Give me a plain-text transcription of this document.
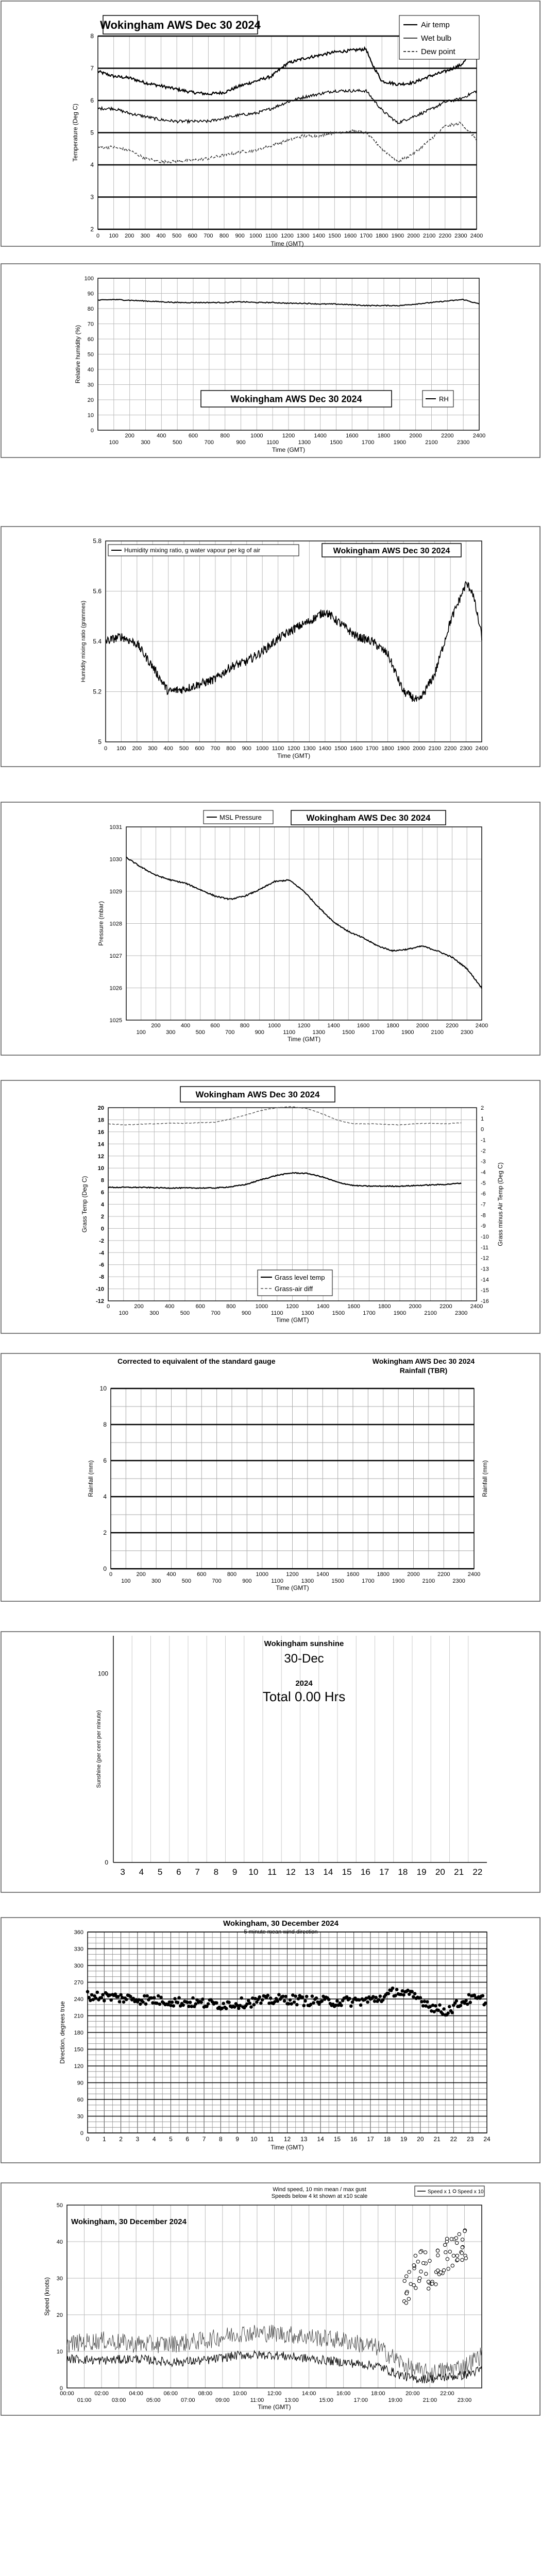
0 100 200 300 400 500 600 700 800 900 1000 1100 1200 1300 1400 1500 1600 1700 1800 1900 2000 2100 2200 2300 2400
2
3
4
5
6
7
8
Wokingham AWS Dec 30 2024	Air temp
Wet bulb
Dew point
Temperature (Deg C)
Time (GMT)
0
10
20
30
40
50
60
70
80
90
100
200	400	600	800	1000	1200	1400	1600	1800	2000	2200	2400
100	300	500	700	900	1100	1300	1500	1700	1900	2100	2300
Wokingham AWS Dec 30 2024	RH
Relative humidity (%)
Time (GMT)
0 100 200 300 400 500 600 700 800 900 1000 1100 1200 1300 1400 1500 1600 1700 1800 1900 2000 2100 2200 2300 2400
5
5.2
5.4
5.6
5.8
Humidity mixing ratio, g water vapour per kg of air	Wokingham AWS Dec 30 2024
Humidity mixing ratio (grammes)
Time (GMT)
1025
1026
1027
1028
1029
1030
1031
200	400	600	800	1000	1200	1400	1600	1800	2000	2200	2400
100	300	500	700	900	1100	1300	1500	1700	1900	2100	2300
MSL Pressure	Wokingham AWS Dec 30 2024
Pressure (mbar)
Time (GMT)
-12
-10
-8
-6
-4
-2
0
2
4
6
8
10
12
14
16
18
20
-16
-15
-14
-13
-12
-11
-10
-9
-8
-7
-6
-5
-4
-3
-2
-1
0
1
2
0	200	400	600	800	1000	1200	1400	1600	1800	2000	2200	2400
100	300	500	700	900	1100	1300	1500	1700	1900	2100	2300
Wokingham AWS Dec 30 2024
Grass level temp
Grass-air diff
Grass Temp (Deg C)	Grass minus Air Temp (Deg C)
Time (GMT)
0
2
4
6
8
10
0	200	400	600	800	1000	1200	1400	1600	1800	2000	2200	2400
100	300	500	700	900	1100	1300	1500	1700	1900	2100	2300
Corrected to equivalent of the standard gauge	Wokingham AWS Dec 30 2024
Rainfall (TBR)
Rainfall (mm)	Rainfall (mm)
Time (GMT)
0
100
3 4 5 6 7 8 9 10 11 12 13 14 15 16 17 18 19 20 21 22
Wokingham sunshine
30-Dec
2024
Total 0.00 Hrs
Sunshine (per cent per minute)
0
30
60
90
120
150
180
210
240
270
300
330
360
0 1 2 3 4 5 6 7 8 9 10 11 12 13 14 15 16 17 18 19 20 21 22 23 24
Wokingham, 30 December 2024
5 minute mean wind direction
Direction, degrees true
Time (GMT)
0
10
20
30
40
50
00:00	02:00	04:00	06:00	08:00	10:00	12:00	14:00	16:00	18:00	20:00	22:00
01:00	03:00	05:00	07:00	09:00	11:00	13:00	15:00	17:00	19:00	21:00	23:00
Wokingham, 30 December 2024
Wind speed, 10 min mean / max gust
Speeds below 4 kt shown at x10 scale
Speed x 1 Speed x 10
Speed (knots)
Time (GMT)
